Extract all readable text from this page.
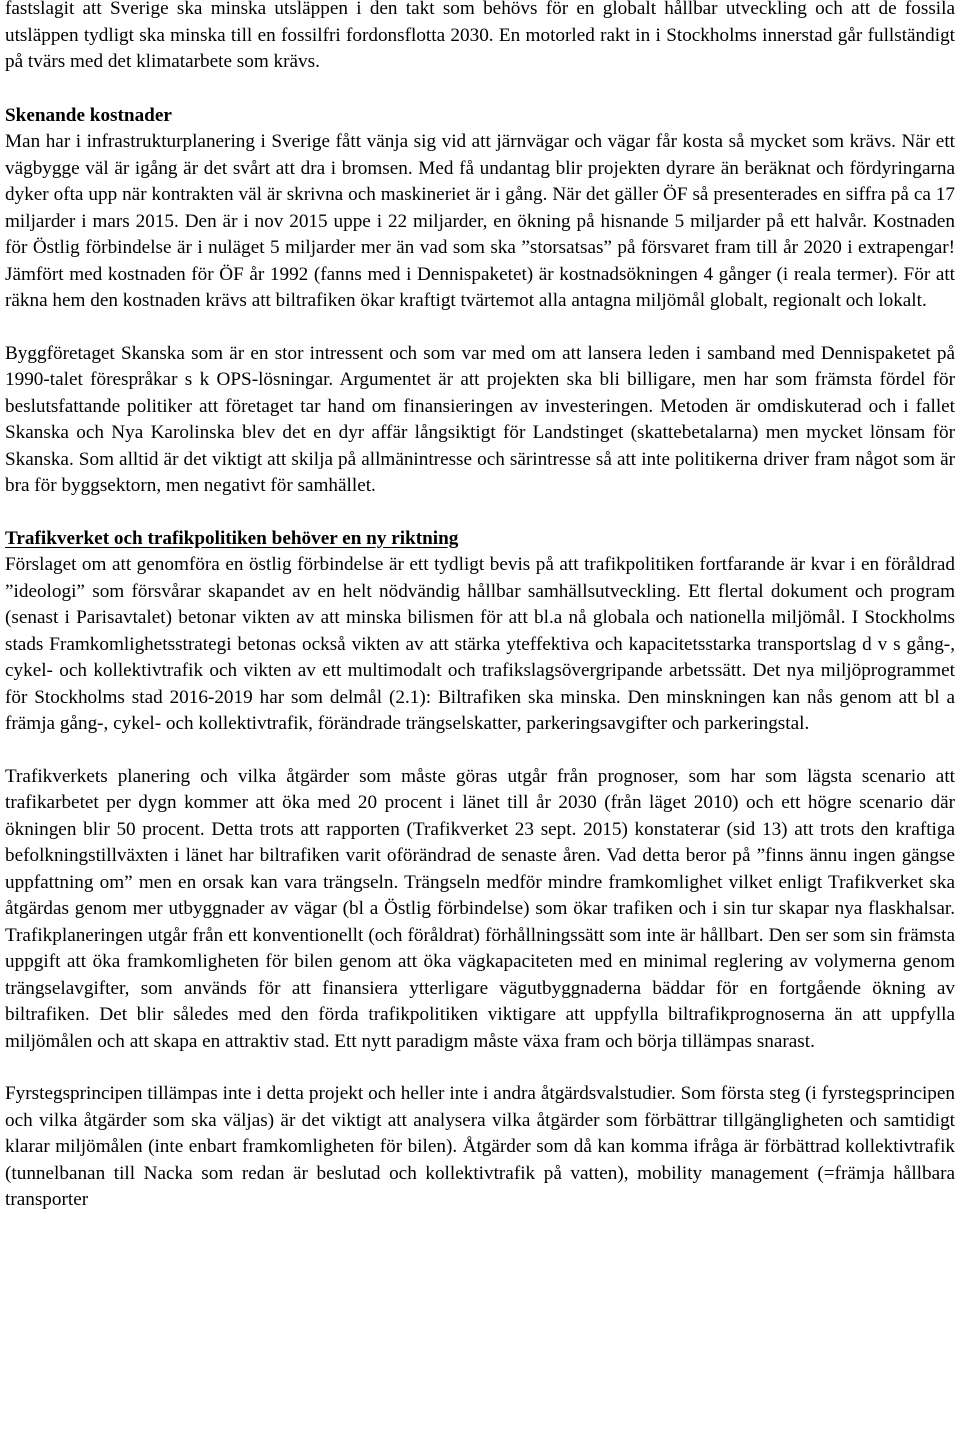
fastslagit att Sverige ska minska utsläppen i den takt som behövs för en globalt hållbar utveckling och att de fossila utsläppen tydligt ska minska till en fossilfri fordonsflotta 2030. En motorled rakt in i Stockholms innerstad går fullständigt på tvärs med det klimatarbete som krävs.

Skenande kostnader

Man har i infrastrukturplanering i Sverige fått vänja sig vid att järnvägar och vägar får kosta så mycket som krävs. När ett vägbygge väl är igång är det svårt att dra i bromsen. Med få undantag blir projekten dyrare än beräknat och fördyringarna dyker ofta upp när kontrakten väl är skrivna och maskineriet är i gång. När det gäller ÖF så presenterades en siffra på ca 17 miljarder i mars 2015. Den är i nov 2015 uppe i 22 miljarder, en ökning på hisnande 5 miljarder på ett halvår. Kostnaden för Östlig förbindelse är i nuläget 5 miljarder mer än vad som ska ”storsatsas” på försvaret fram till år 2020 i extrapengar! Jämfört med kostnaden för ÖF år 1992 (fanns med i Dennispaketet) är kostnadsökningen 4 gånger (i reala termer). För att räkna hem den kostnaden krävs att biltrafiken ökar kraftigt tvärtemot alla antagna miljömål globalt, regionalt och lokalt.

Byggföretaget Skanska som är en stor intressent och som var med om att lansera leden i samband med Dennispaketet på 1990-talet förespråkar s k OPS-lösningar. Argumentet är att projekten ska bli billigare, men har som främsta fördel för beslutsfattande politiker att företaget tar hand om finansieringen av investeringen. Metoden är omdiskuterad och i fallet Skanska och Nya Karolinska blev det en dyr affär långsiktigt för Landstinget (skattebetalarna) men mycket lönsam för Skanska. Som alltid är det viktigt att skilja på allmänintresse och särintresse så att inte politikerna driver fram något som är bra för byggsektorn, men negativt för samhället.

Trafikverket och trafikpolitiken behöver en ny riktning

Förslaget om att genomföra en östlig förbindelse är ett tydligt bevis på att trafikpolitiken fortfarande är kvar i en föråldrad ”ideologi” som försvårar skapandet av en helt nödvändig hållbar samhällsutveckling. Ett flertal dokument och program (senast i Parisavtalet) betonar vikten av att minska bilismen för att bl.a nå globala och nationella miljömål. I Stockholms stads Framkomlighetsstrategi betonas också vikten av att stärka yteffektiva och kapacitetsstarka transportslag d v s gång-, cykel- och kollektivtrafik och vikten av ett multimodalt och trafikslagsövergripande arbetssätt. Det nya miljöprogrammet för Stockholms stad 2016-2019 har som delmål (2.1): Biltrafiken ska minska. Den minskningen kan nås genom att bl a främja gång-, cykel- och kollektivtrafik, förändrade trängselskatter, parkeringsavgifter och parkeringstal.

Trafikverkets planering och vilka åtgärder som måste göras utgår från prognoser, som har som lägsta scenario att trafikarbetet per dygn kommer att öka med 20 procent i länet till år 2030 (från läget 2010) och ett högre scenario där ökningen blir 50 procent. Detta trots att rapporten (Trafikverket 23 sept. 2015) konstaterar (sid 13) att trots den kraftiga befolkningstillväxten i länet har biltrafiken varit oförändrad de senaste åren. Vad detta beror på ”finns ännu ingen gängse uppfattning om” men en orsak kan vara trängseln. Trängseln medför mindre framkomlighet vilket enligt Trafikverket ska åtgärdas genom mer utbyggnader av vägar (bl a Östlig förbindelse) som ökar trafiken och i sin tur skapar nya flaskhalsar. Trafikplaneringen utgår från ett konventionellt (och föråldrat) förhållningssätt som inte är hållbart. Den ser som sin främsta uppgift att öka framkomligheten för bilen genom att öka vägkapaciteten med en minimal reglering av volymerna genom trängselavgifter, som används för att finansiera ytterligare vägutbyggnaderna bäddar för en fortgående ökning av biltrafiken. Det blir således med den förda trafikpolitiken viktigare att uppfylla biltrafikprognoserna än att uppfylla miljömålen och att skapa en attraktiv stad. Ett nytt paradigm måste växa fram och börja tillämpas snarast.

Fyrstegsprincipen tillämpas inte i detta projekt och heller inte i andra åtgärdsvalstudier. Som första steg (i fyrstegsprincipen och vilka åtgärder som ska väljas) är det viktigt att analysera vilka åtgärder som förbättrar tillgängligheten och samtidigt klarar miljömålen (inte enbart framkomligheten för bilen). Åtgärder som då kan komma ifråga är förbättrad kollektivtrafik (tunnelbanan till Nacka som redan är beslutad och kollektivtrafik på vatten), mobility management (=främja hållbara transporter
